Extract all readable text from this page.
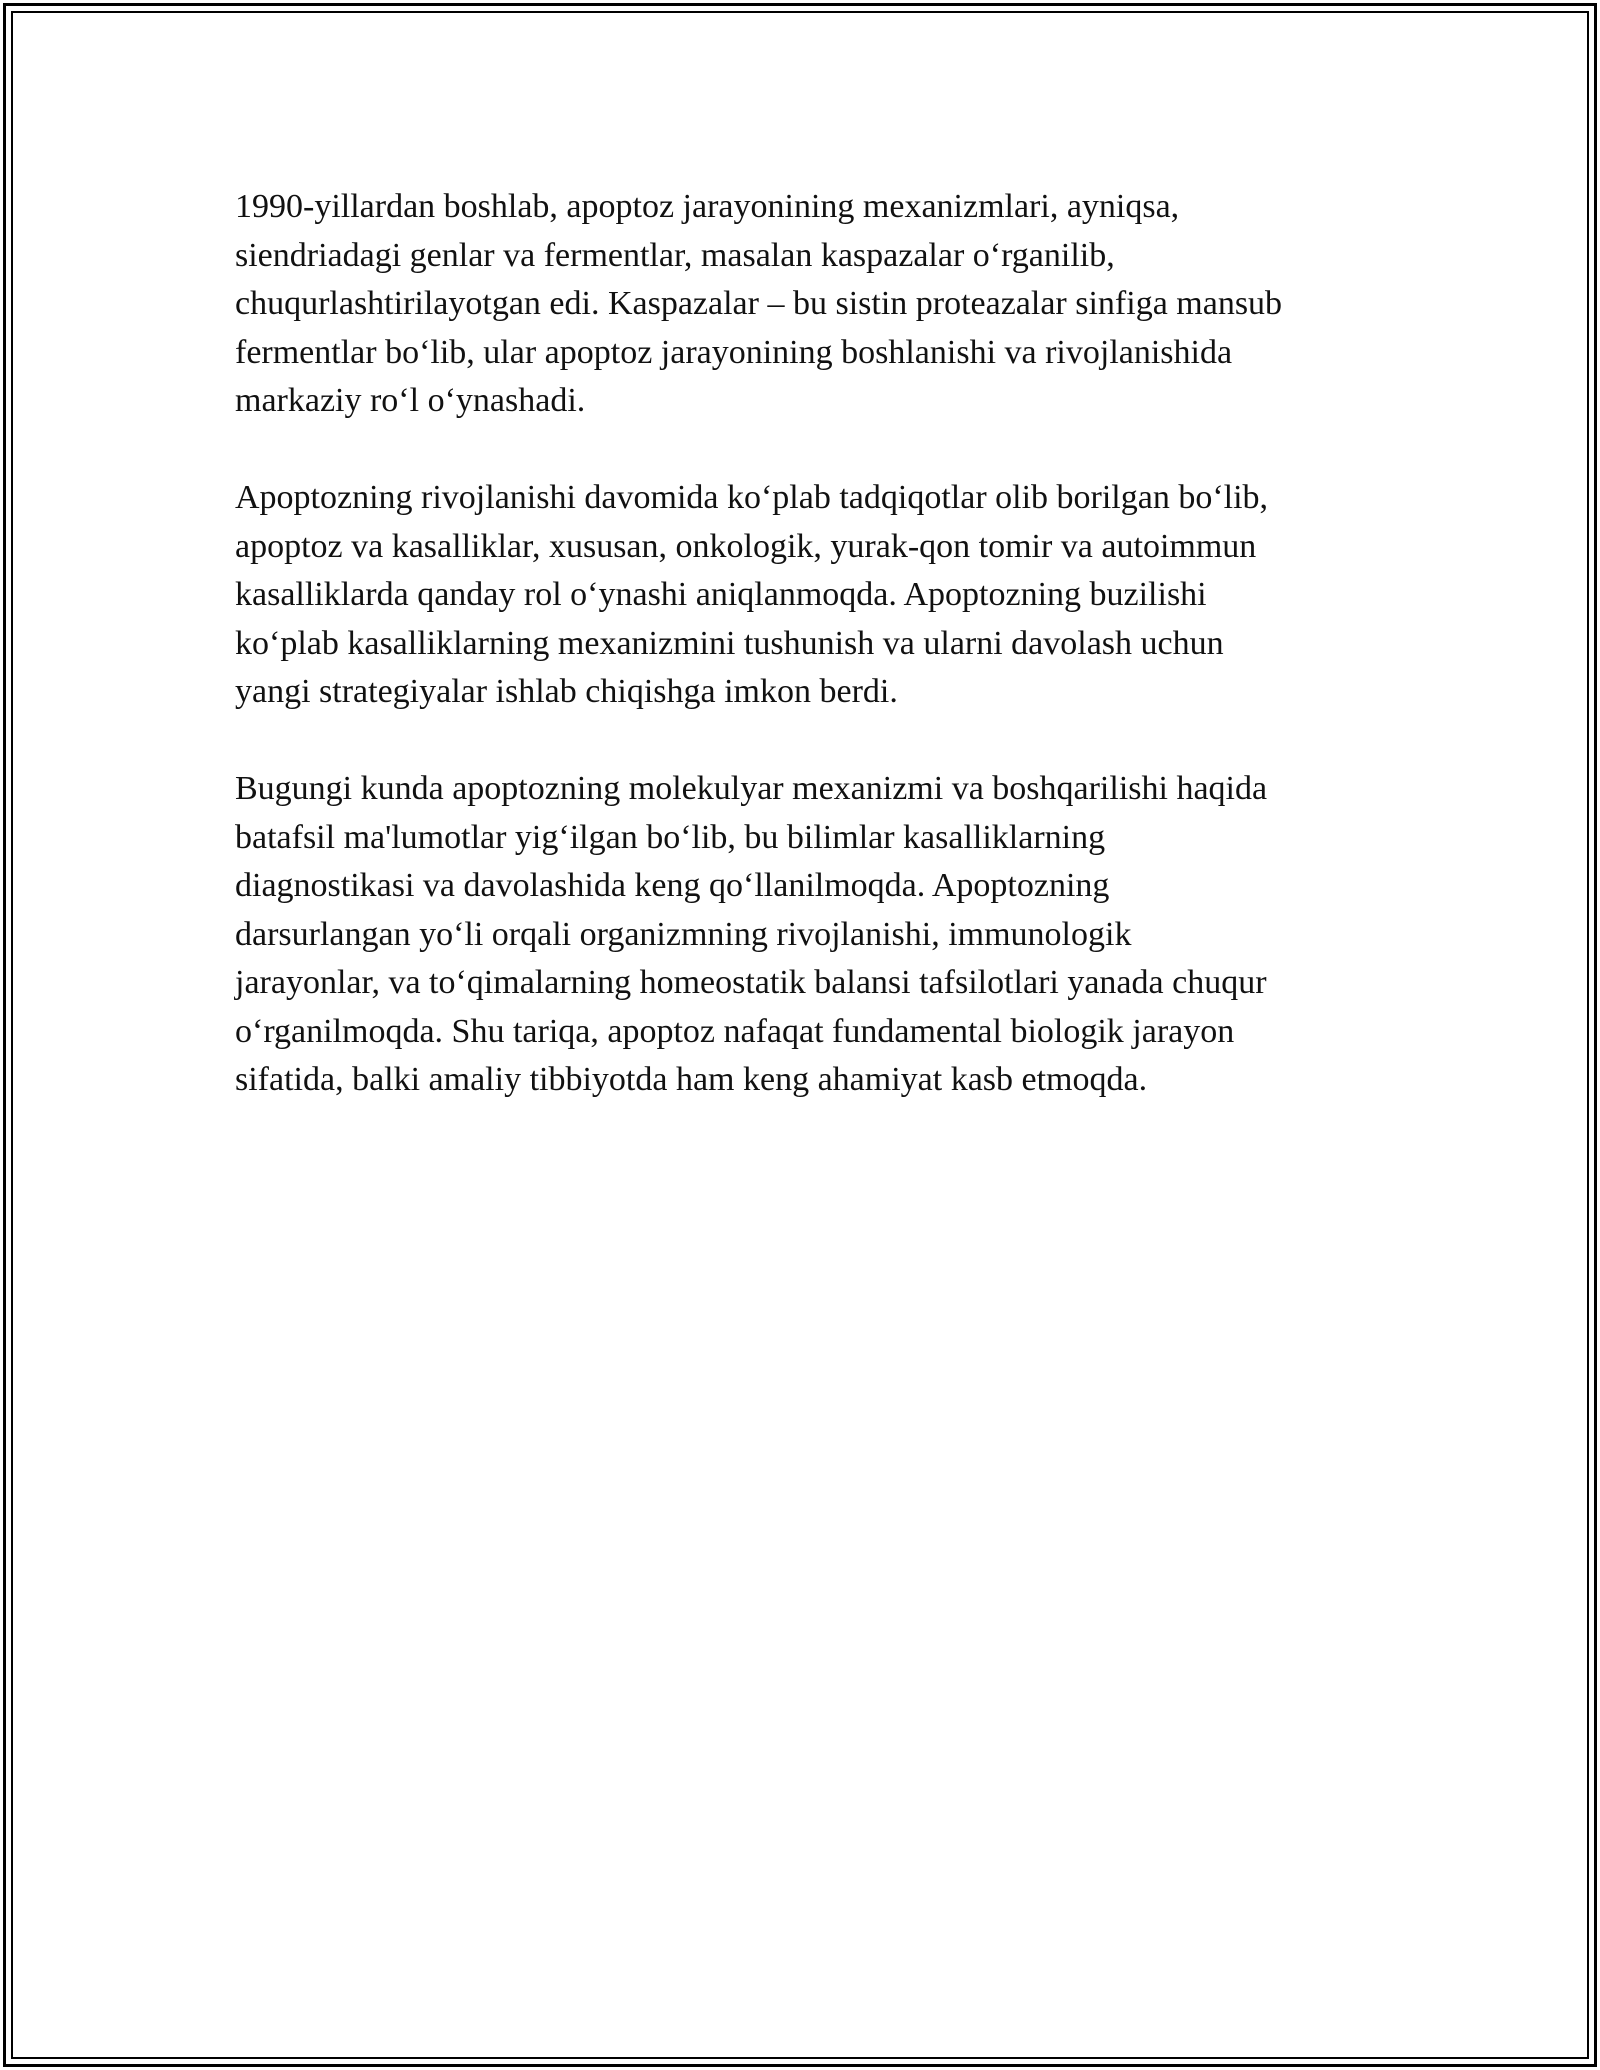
1990-yillardan boshlab, apoptoz jarayonining mexanizmlari, ayniqsa,
siendriadagi genlar va fermentlar, masalan kaspazalar o‘rganilib,
chuqurlashtirilayotgan edi. Kaspazalar – bu sistin proteazalar sinfiga mansub
fermentlar bo‘lib, ular apoptoz jarayonining boshlanishi va rivojlanishida
markaziy ro‘l o‘ynashadi.

Apoptozning rivojlanishi davomida ko‘plab tadqiqotlar olib borilgan bo‘lib,
apoptoz va kasalliklar, xususan, onkologik, yurak-qon tomir va autoimmun
kasalliklarda qanday rol o‘ynashi aniqlanmoqda. Apoptozning buzilishi
ko‘plab kasalliklarning mexanizmini tushunish va ularni davolash uchun
yangi strategiyalar ishlab chiqishga imkon berdi.

Bugungi kunda apoptozning molekulyar mexanizmi va boshqarilishi haqida
batafsil ma'lumotlar yig‘ilgan bo‘lib, bu bilimlar kasalliklarning
diagnostikasi va davolashida keng qo‘llanilmoqda. Apoptozning
darsurlangan yo‘li orqali organizmning rivojlanishi, immunologik
jarayonlar, va to‘qimalarning homeostatik balansi tafsilotlari yanada chuqur
o‘rganilmoqda. Shu tariqa, apoptoz nafaqat fundamental biologik jarayon
sifatida, balki amaliy tibbiyotda ham keng ahamiyat kasb etmoqda.
